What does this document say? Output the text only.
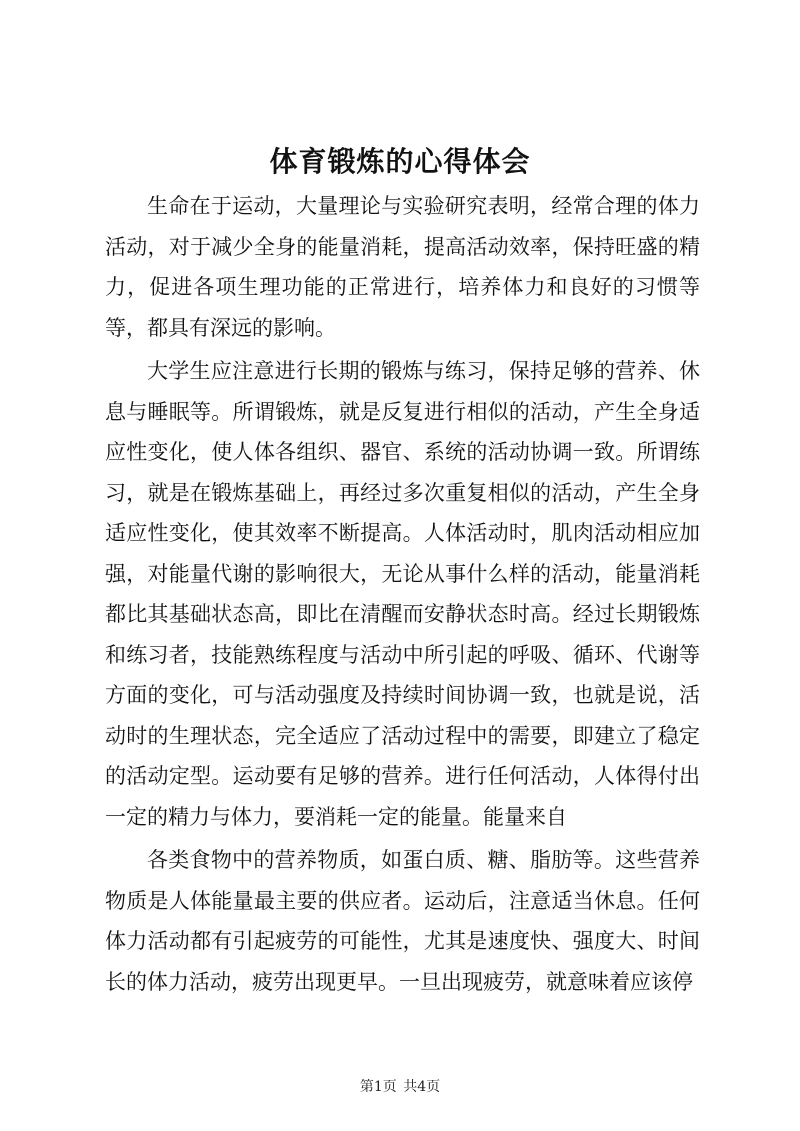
体育锻炼的心得体会

生命在于运动，大量理论与实验研究表明，经常合理的体力活动，对于减少全身的能量消耗，提高活动效率，保持旺盛的精力，促进各项生理功能的正常进行，培养体力和良好的习惯等等，都具有深远的影响。

大学生应注意进行长期的锻炼与练习，保持足够的营养、休息与睡眠等。所谓锻炼，就是反复进行相似的活动，产生全身适应性变化，使人体各组织、器官、系统的活动协调一致。所谓练习，就是在锻炼基础上，再经过多次重复相似的活动，产生全身适应性变化，使其效率不断提高。人体活动时，肌肉活动相应加强，对能量代谢的影响很大，无论从事什么样的活动，能量消耗都比其基础状态高，即比在清醒而安静状态时高。经过长期锻炼和练习者，技能熟练程度与活动中所引起的呼吸、循环、代谢等方面的变化，可与活动强度及持续时间协调一致，也就是说，活动时的生理状态，完全适应了活动过程中的需要，即建立了稳定的活动定型。运动要有足够的营养。进行任何活动，人体得付出一定的精力与体力，要消耗一定的能量。能量来自

各类食物中的营养物质，如蛋白质、糖、脂肪等。这些营养物质是人体能量最主要的供应者。运动后，注意适当休息。任何体力活动都有引起疲劳的可能性，尤其是速度快、强度大、时间长的体力活动，疲劳出现更早。一旦出现疲劳，就意味着应该停

第1页 共4页
